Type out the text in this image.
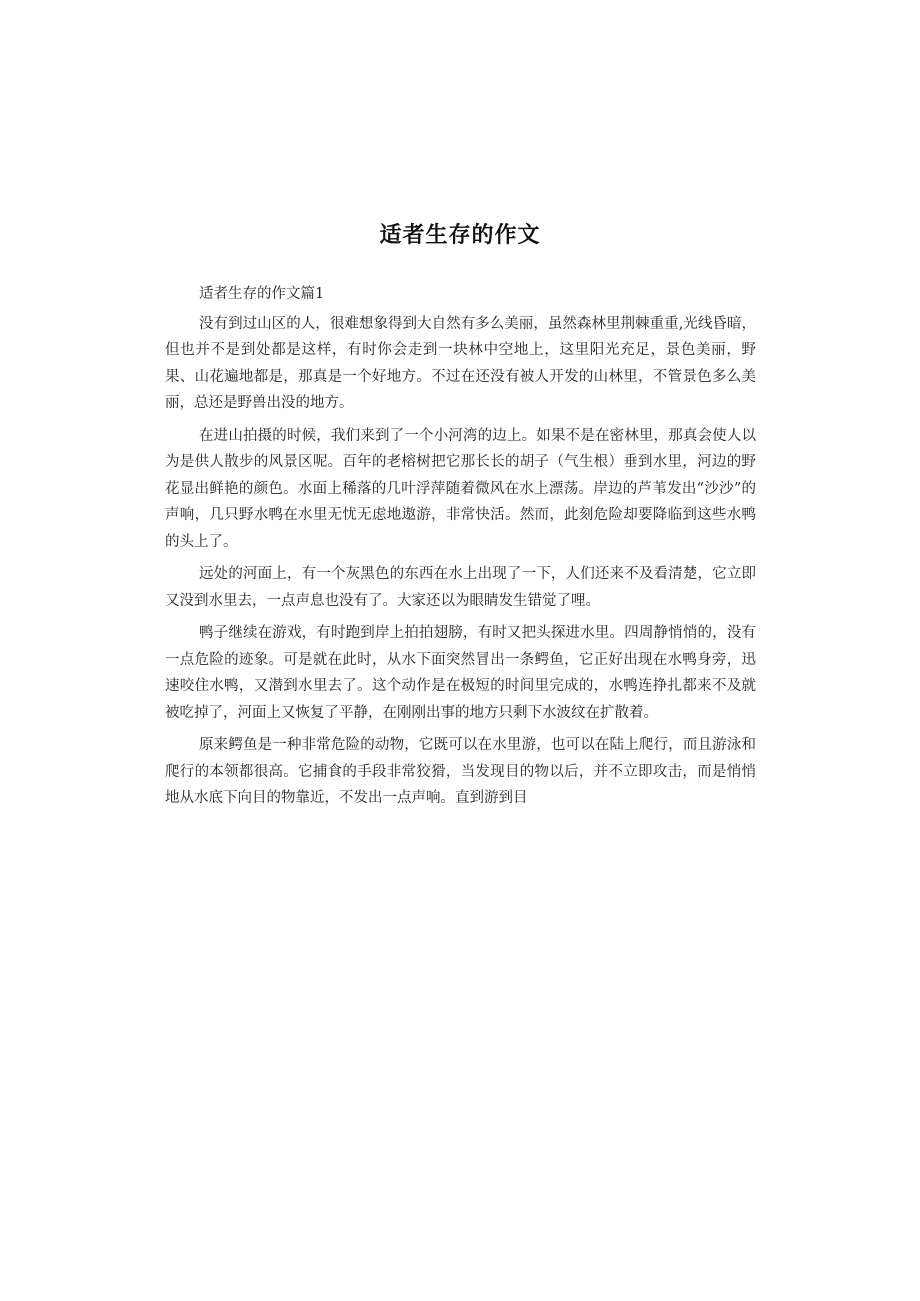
适者生存的作文

适者生存的作文篇1

没有到过山区的人，很难想象得到大自然有多么美丽，虽然森林里荆棘重重,光线昏暗，但也并不是到处都是这样，有时你会走到一块林中空地上，这里阳光充足，景色美丽，野果、山花遍地都是，那真是一个好地方。不过在还没有被人开发的山林里，不管景色多么美丽，总还是野兽出没的地方。

在进山拍摄的时候，我们来到了一个小河湾的边上。如果不是在密林里，那真会使人以为是供人散步的风景区呢。百年的老榕树把它那长长的胡子（气生根）垂到水里，河边的野花显出鲜艳的颜色。水面上稀落的几叶浮萍随着微风在水上漂荡。岸边的芦苇发出“沙沙”的声响，几只野水鸭在水里无忧无虑地遨游，非常快活。然而，此刻危险却要降临到这些水鸭的头上了。

远处的河面上，有一个灰黑色的东西在水上出现了一下，人们还来不及看清楚，它立即又没到水里去，一点声息也没有了。大家还以为眼睛发生错觉了哩。

鸭子继续在游戏，有时跑到岸上拍拍翅膀，有时又把头探进水里。四周静悄悄的，没有一点危险的迹象。可是就在此时，从水下面突然冒出一条鳄鱼，它正好出现在水鸭身旁，迅速咬住水鸭，又潜到水里去了。这个动作是在极短的时间里完成的，水鸭连挣扎都来不及就被吃掉了，河面上又恢复了平静，在刚刚出事的地方只剩下水波纹在扩散着。

原来鳄鱼是一种非常危险的动物，它既可以在水里游，也可以在陆上爬行，而且游泳和爬行的本领都很高。它捕食的手段非常狡猾，当发现目的物以后，并不立即攻击，而是悄悄地从水底下向目的物靠近，不发出一点声响。直到游到目
